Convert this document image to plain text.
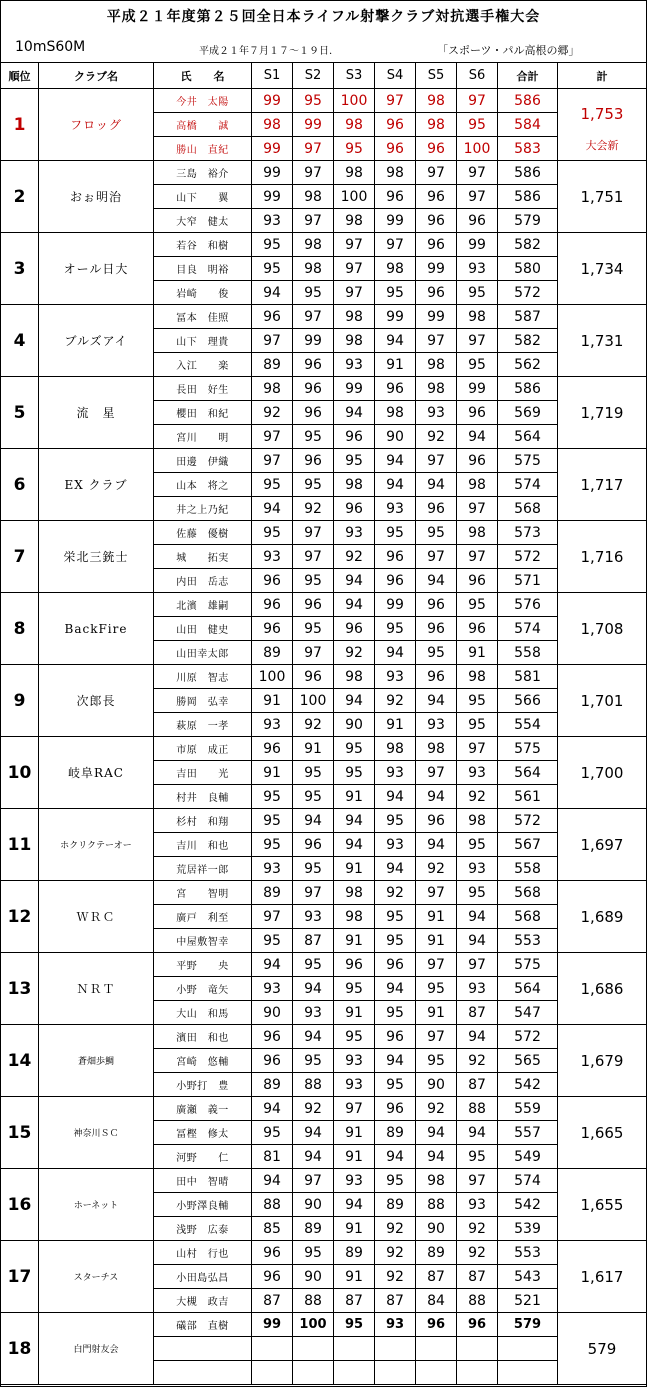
平成２１年度第２５回全日本ライフル射撃クラブ対抗選手権大会
10mS60M	平成２１年７月１７～１９日.	「スポーツ・パル高根の郷」
順位	クラブ名	氏　　名	S1	S2	S3	S4	S5	S6	合計	計
1	フロッグ	今井　太陽	99	95	100	97	98	97	586	1,753
大会新

		高橋　　誠	98	99	98	96	98	95	584	
		勝山　直紀	99	97	95	96	96	100	583	
2	おぉ明治	三島　裕介	99	97	98	98	97	97	586	1,751

		山下　　翼	99	98	100	96	96	97	586	
		大窄　健太	93	97	98	99	96	96	579	
3	オール日大	若谷　和樹	95	98	97	97	96	99	582	1,734

		目良　明裕	95	98	97	98	99	93	580	
		岩崎　　俊	94	95	97	95	96	95	572	
4	ブルズアイ	冨本　佳照	96	97	98	99	99	98	587	1,731

		山下　理貴	97	99	98	94	97	97	582	
		入江　　楽	89	96	93	91	98	95	562	
5	流　星	長田　好生	98	96	99	96	98	99	586	1,719

		櫻田　和紀	92	96	94	98	93	96	569	
		宮川　　明	97	95	96	90	92	94	564	
6	EX クラブ	田邊　伊織	97	96	95	94	97	96	575	1,717

		山本　将之	95	95	98	94	94	98	574	
		井之上乃紀	94	92	96	93	96	97	568	
7	栄北三銃士	佐藤　優樹	95	97	93	95	95	98	573	1,716

		城　　拓実	93	97	92	96	97	97	572	
		内田　岳志	96	95	94	96	94	96	571	
8	BackFire	北濱　雄嗣	96	96	94	99	96	95	576	1,708

		山田　健史	96	95	96	95	96	96	574	
		山田幸太郎	89	97	92	94	95	91	558	
9	次郎長	川原　智志	100	96	98	93	96	98	581	1,701

		勝岡　弘幸	91	100	94	92	94	95	566	
		萩原　一孝	93	92	90	91	93	95	554	
10	岐阜RAC	市原　成正	96	91	95	98	98	97	575	1,700

		吉田　　光	91	95	95	93	97	93	564	
		村井　良輔	95	95	91	94	94	92	561	
11	ホクリクテーオー	杉村　和翔	95	94	94	95	96	98	572	1,697

		吉川　和也	95	96	94	93	94	95	567	
		荒居祥一郎	93	95	91	94	92	93	558	
12	ＷＲＣ	宮　　智明	89	97	98	92	97	95	568	1,689

		廣戸　利至	97	93	98	95	91	94	568	
		中屋敷智幸	95	87	91	95	91	94	553	
13	ＮＲＴ	平野　　央	94	95	96	96	97	97	575	1,686

		小野　竜矢	93	94	95	94	95	93	564	
		大山　和馬	90	93	91	95	91	87	547	
14	蒼畑歩鯛	濱田　和也	96	94	95	96	97	94	572	1,679

		宮崎　悠輔	96	95	93	94	95	92	565	
		小野打　豊	89	88	93	95	90	87	542	
15	神奈川ＳＣ	廣瀬　義一	94	92	97	96	92	88	559	1,665

		冨樫　修太	95	94	91	89	94	94	557	
		河野　　仁	81	94	91	94	94	95	549	
16	ホーネット	田中　智晴	94	97	93	95	98	97	574	1,655

		小野澤良輔	88	90	94	89	88	93	542	
		浅野　広泰	85	89	91	92	90	92	539	
17	スターチス	山村　行也	96	95	89	92	89	92	553	1,617

		小田島弘昌	96	90	91	92	87	87	543	
		大槻　政吉	87	88	87	87	84	88	521	
18	白門射友会	礒部　直樹	99	100	95	93	96	96	579	579
